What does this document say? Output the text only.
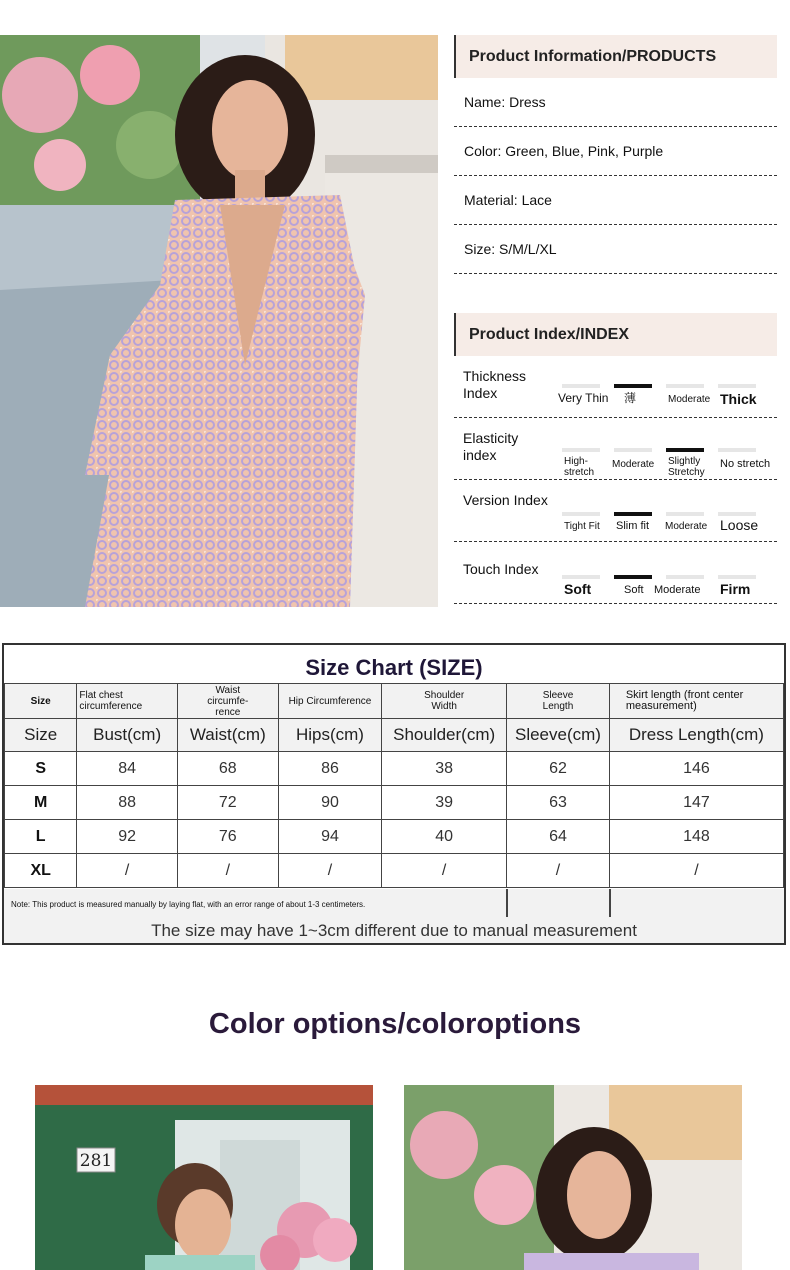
Product Information/PRODUCTS
Name: Dress
Color: Green, Blue, Pink, Purple
Material: Lace
Size: S/M/L/XL
Product Index/INDEX
Thickness Index	Very Thin 薄	Moderate Thick
Elasticity index	High-stretch
Moderate Slightly Stretchy
No stretch
Version Index
Tight Fit Slim fit Moderate Loose
Touch Index
Soft	Soft Moderate Firm
Size Chart (SIZE)
Size	Flat chest circumference	Waist circumfe-rence	Hip Circumference	Shoulder Width	Sleeve Length	Skirt length (front center measurement)
Size	Bust(cm)	Waist(cm)	Hips(cm)	Shoulder(cm)	Sleeve(cm)	Dress Length(cm)
S	84	68	86	38	62	146
M	88	72	90	39	63	147
L	92	76	94	40	64	148
XL	/	/	/	/	/	/
Note: This product is measured manually by laying flat, with an error range of about 1-3 centimeters.
The size may have 1~3cm different due to manual measurement
Color options/coloroptions
281
